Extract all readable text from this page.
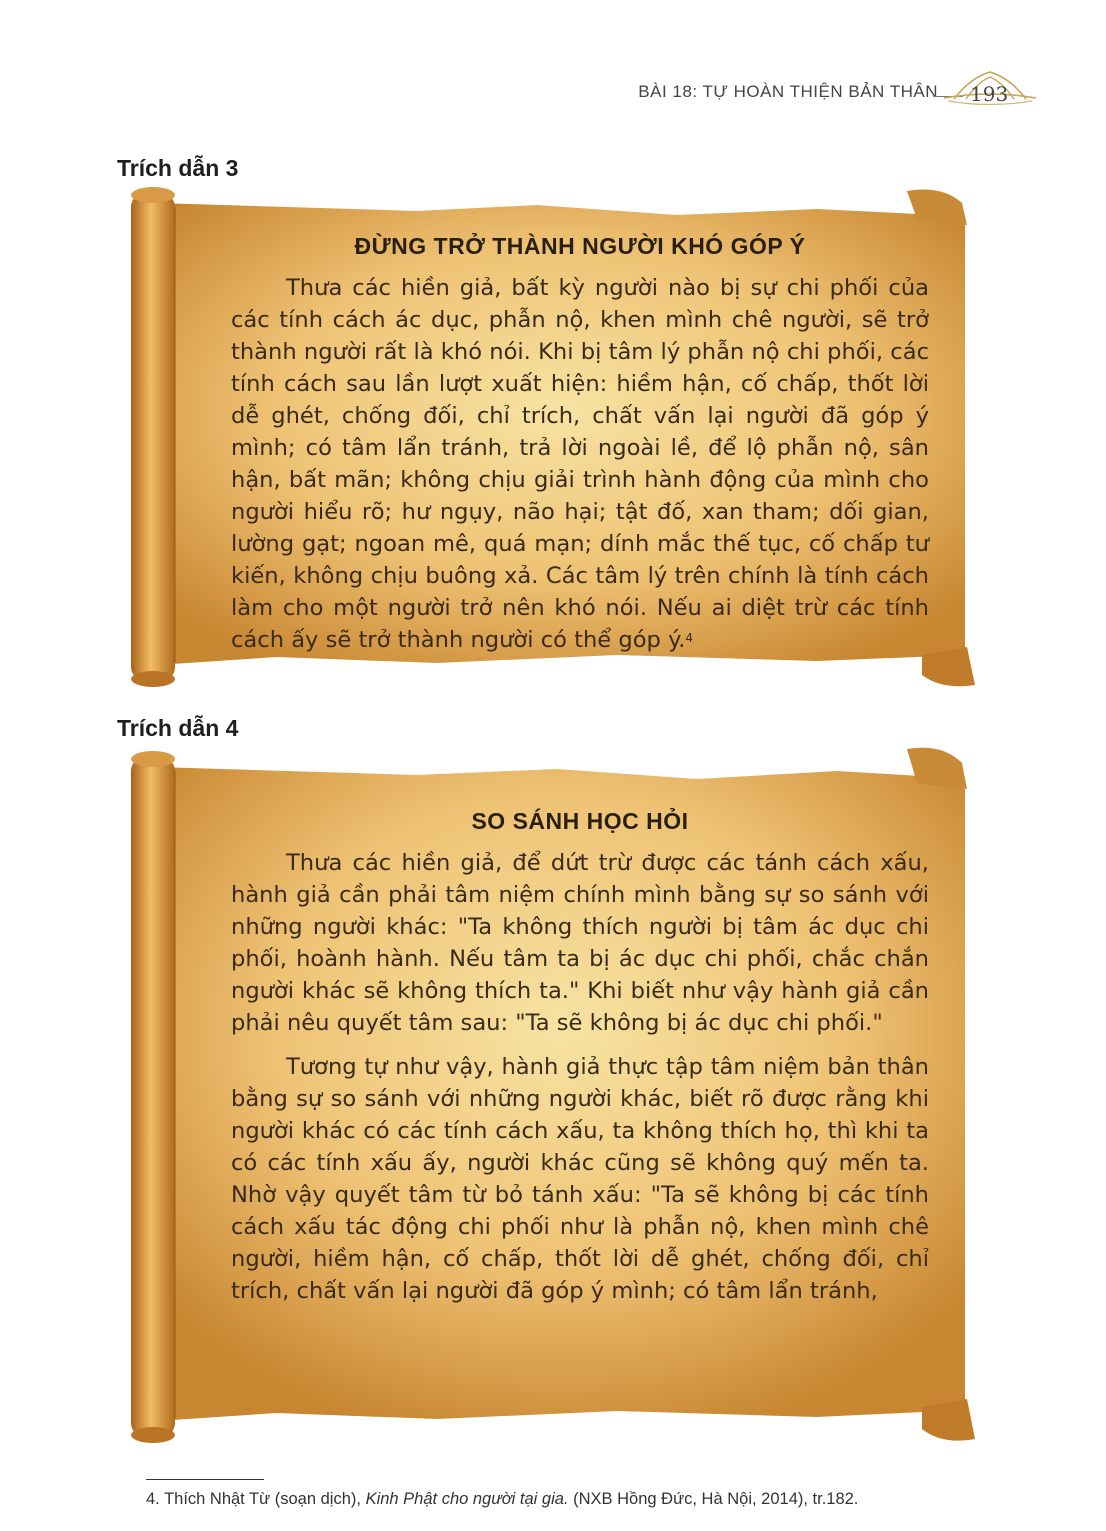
BÀI 18: TỰ HOÀN THIỆN BẢN THÂN 193
Trích dẫn 3
ĐỪNG TRỞ THÀNH NGƯỜI KHÓ GÓP Ý

Thưa các hiền giả, bất kỳ người nào bị sự chi phối của các tính cách ác dục, phẫn nộ, khen mình chê người, sẽ trở thành người rất là khó nói. Khi bị tâm lý phẫn nộ chi phối, các tính cách sau lần lượt xuất hiện: hiềm hận, cố chấp, thốt lời dễ ghét, chống đối, chỉ trích, chất vấn lại người đã góp ý mình; có tâm lẩn tránh, trả lời ngoài lề, để lộ phẫn nộ, sân hận, bất mãn; không chịu giải trình hành động của mình cho người hiểu rõ; hư ngụy, não hại; tật đố, xan tham; dối gian, lường gạt; ngoan mê, quá mạn; dính mắc thế tục, cố chấp tư kiến, không chịu buông xả. Các tâm lý trên chính là tính cách làm cho một người trở nên khó nói. Nếu ai diệt trừ các tính cách ấy sẽ trở thành người có thể góp ý.$^4$

Trích dẫn 4
SO SÁNH HỌC HỎI

Thưa các hiền giả, để dứt trừ được các tánh cách xấu, hành giả cần phải tâm niệm chính mình bằng sự so sánh với những người khác: "Ta không thích người bị tâm ác dục chi phối, hoành hành. Nếu tâm ta bị ác dục chi phối, chắc chắn người khác sẽ không thích ta." Khi biết như vậy hành giả cần phải nêu quyết tâm sau: "Ta sẽ không bị ác dục chi phối."

Tương tự như vậy, hành giả thực tập tâm niệm bản thân bằng sự so sánh với những người khác, biết rõ được rằng khi người khác có các tính cách xấu, ta không thích họ, thì khi ta có các tính xấu ấy, người khác cũng sẽ không quý mến ta. Nhờ vậy quyết tâm từ bỏ tánh xấu: "Ta sẽ không bị các tính cách xấu tác động chi phối như là phẫn nộ, khen mình chê người, hiềm hận, cố chấp, thốt lời dễ ghét, chống đối, chỉ trích, chất vấn lại người đã góp ý mình; có tâm lẩn tránh,

4. Thích Nhật Từ (soạn dịch), Kinh Phật cho người tại gia. (NXB Hồng Đức, Hà Nội, 2014), tr.182.
